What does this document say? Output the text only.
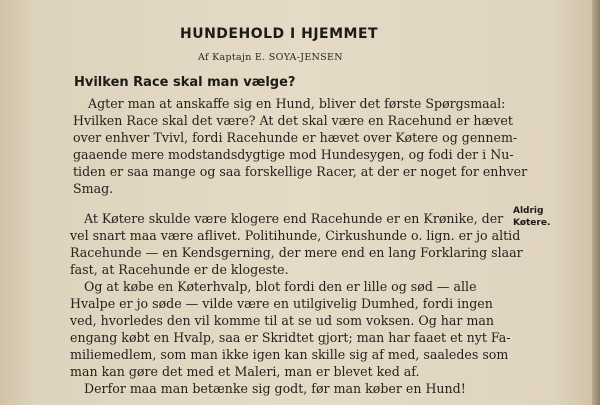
HUNDEHOLD I HJEMMET
Af Kaptajn E. SOYA-JENSEN
Hvilken Race skal man vælge?
Agter man at anskaffe sig en Hund, bliver det første Spørgsmaal:
Hvilken Race skal det være? At det skal være en Racehund er hævet
over enhver Tvivl, fordi Racehunde er hævet over Køtere og gennem-
gaaende mere modstandsdygtige mod Hundesygen, og fodi der i Nu-
tiden er saa mange og saa forskellige Racer, at der er noget for enhver
Smag.
At Køtere skulde være klogere end Racehunde er en Krønike, der
vel snart maa være aflivet. Politihunde, Cirkushunde o. lign. er jo altid
Racehunde — en Kendsgerning, der mere end en lang Forklaring slaar
fast, at Racehunde er de klogeste.
Og at købe en Køterhvalp, blot fordi den er lille og sød — alle
Hvalpe er jo søde — vilde være en utilgivelig Dumhed, fordi ingen
ved, hvorledes den vil komme til at se ud som voksen. Og har man
engang købt en Hvalp, saa er Skridtet gjort; man har faaet et nyt Fa-
miliemedlem, som man ikke igen kan skille sig af med, saaledes som
man kan gøre det med et Maleri, man er blevet ked af.
Derfor maa man betænke sig godt, før man køber en Hund!
Aldrig
Køtere.
